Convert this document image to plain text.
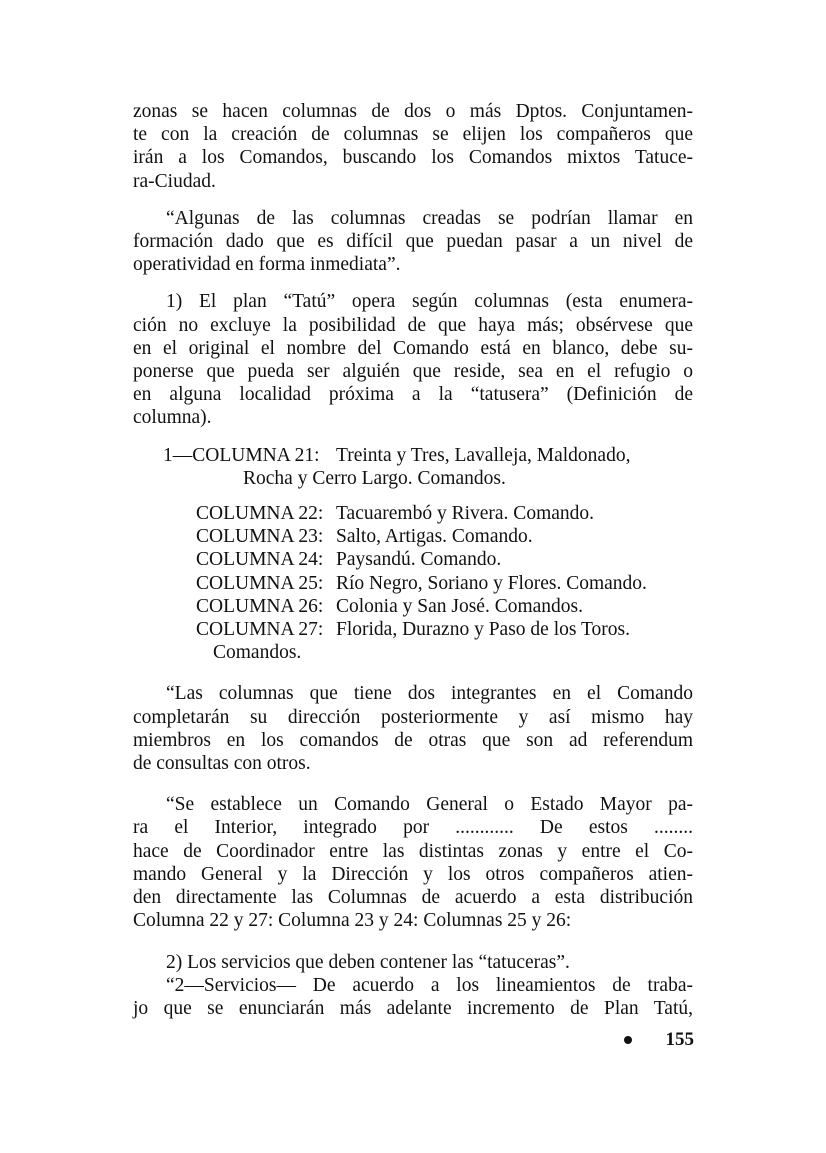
zonas se hacen columnas de dos o más Dptos. Conjuntamen-
te con la creación de columnas se elijen los compañeros que
irán a los Comandos, buscando los Comandos mixtos Tatuce-
ra-Ciudad.
“Algunas de las columnas creadas se podrían llamar en
formación dado que es difícil que puedan pasar a un nivel de
operatividad en forma inmediata”.
1) El plan “Tatú” opera según columnas (esta enumera-
ción no excluye la posibilidad de que haya más; obsérvese que
en el original el nombre del Comando está en blanco, debe su-
ponerse que pueda ser alguién que reside, sea en el refugio o
en alguna localidad próxima a la “tatusera” (Definición de
columna).
1—COLUMNA 21: Treinta y Tres, Lavalleja, Maldonado,
Rocha y Cerro Largo. Comandos.
COLUMNA 22: Tacuarembó y Rivera. Comando.
COLUMNA 23: Salto, Artigas. Comando.
COLUMNA 24: Paysandú. Comando.
COLUMNA 25: Río Negro, Soriano y Flores. Comando.
COLUMNA 26: Colonia y San José. Comandos.
COLUMNA 27: Florida, Durazno y Paso de los Toros.
Comandos.
“Las columnas que tiene dos integrantes en el Comando
completarán su dirección posteriormente y así mismo hay
miembros en los comandos de otras que son ad referendum
de consultas con otros.
“Se establece un Comando General o Estado Mayor pa-
ra el Interior, integrado por ............ De estos ........
hace de Coordinador entre las distintas zonas y entre el Co-
mando General y la Dirección y los otros compañeros atien-
den directamente las Columnas de acuerdo a esta distribución
Columna 22 y 27: Columna 23 y 24: Columnas 25 y 26:
2) Los servicios que deben contener las “tatuceras”.
“2—Servicios— De acuerdo a los lineamientos de traba-
jo que se enunciarán más adelante incremento de Plan Tatú,
155
